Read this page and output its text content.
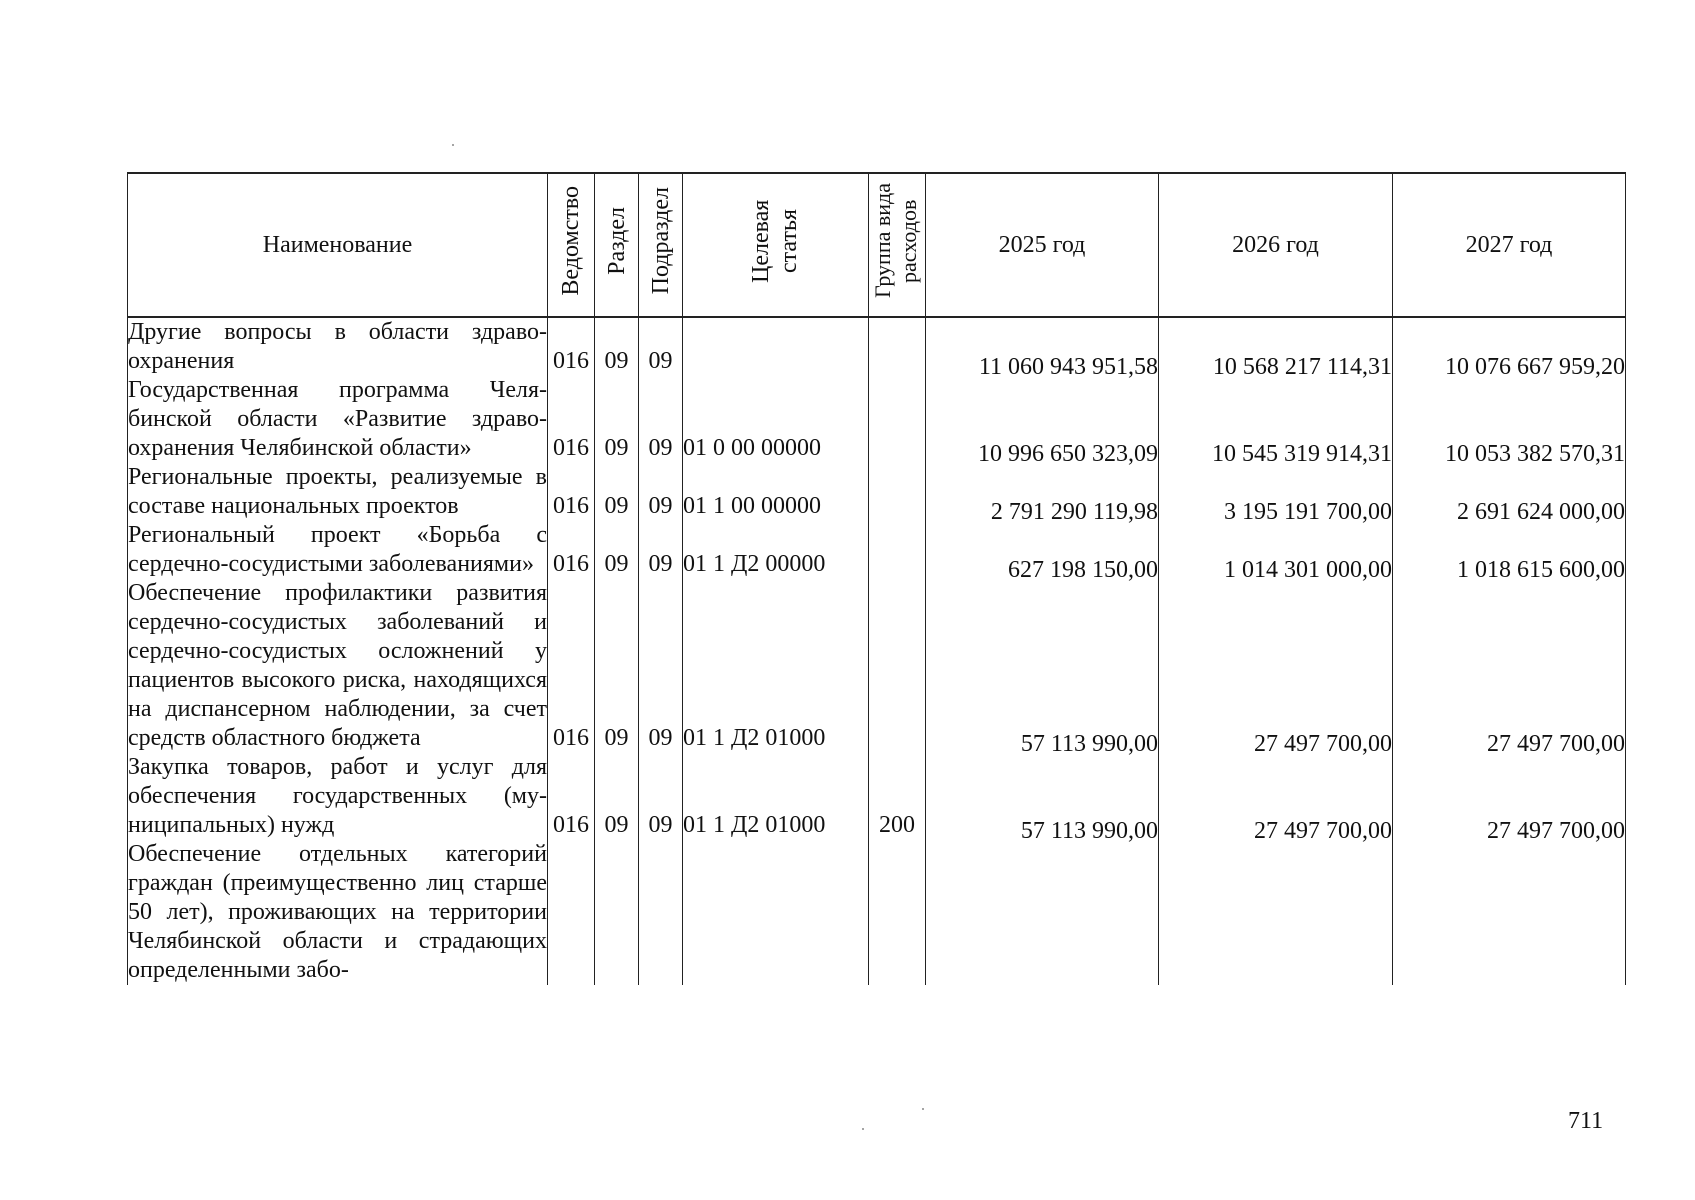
Наименование	Ведомство	Раздел	Подраздел	Целевая статья	Группа вида расходов	2025 год	2026 год	2027 год
Другие вопросы в области здравоохранения	016	09	09			11 060 943 951,58	10 568 217 114,31	10 076 667 959,20
Государственная программа Челябинской области «Развитие здравоохранения Челябинской области»	016	09	09	01 0 00 00000		10 996 650 323,09	10 545 319 914,31	10 053 382 570,31
Региональные проекты, реализуемые в составе национальных проектов	016	09	09	01 1 00 00000		2 791 290 119,98	3 195 191 700,00	2 691 624 000,00
Региональный проект «Борьба с сердечно-сосудистыми заболеваниями»	016	09	09	01 1 Д2 00000		627 198 150,00	1 014 301 000,00	1 018 615 600,00
Обеспечение профилактики развития сердечно-сосудистых заболеваний и сердечно-сосудистых осложнений у пациентов высокого риска, находящихся на диспансерном наблюдении, за счет средств областного бюджета	016	09	09	01 1 Д2 01000		57 113 990,00	27 497 700,00	27 497 700,00
Закупка товаров, работ и услуг для обеспечения государственных (муниципальных) нужд	016	09	09	01 1 Д2 01000	200	57 113 990,00	27 497 700,00	27 497 700,00
Обеспечение отдельных категорий граждан (преимущественно лиц старше 50 лет), проживающих на территории Челябинской области и страдающих определенными забо-								
711
